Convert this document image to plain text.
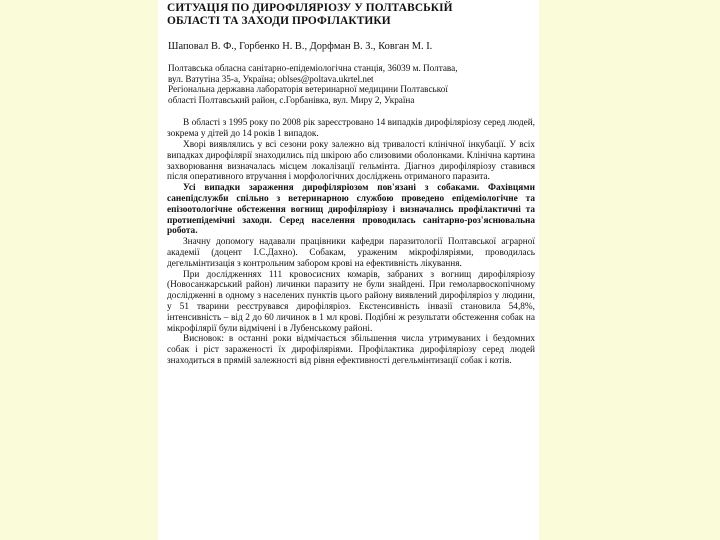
СИТУАЦІЯ ПО ДИРОФІЛЯРІОЗУ У ПОЛТАВСЬКІЙ
ОБЛАСТІ ТА ЗАХОДИ ПРОФІЛАКТИКИ
Шаповал В. Ф., Горбенко Н. В., Дорфман В. З., Ковган М. І.
Полтавська обласна санітарно-епідеміологічна станція, 36039 м. Полтава,
вул. Ватутіна 35-а, Україна; oblses@poltava.ukrtel.net
Регіональна державна лабораторія ветеринарної медицини Полтавської
області Полтавський район, с.Горбанівка, вул. Миру 2, Україна

В області з 1995 року по 2008 рік зареєстровано 14 випадків дирофіляріозу серед людей, зокрема у дітей до 14 років 1 випадок.

Хворі виявлялись у всі сезони року залежно від тривалості клінічної інкубації. У всіх випадках дирофілярії знаходились під шкірою або слизовими оболонками. Клінічна картина захворювання визначалась місцем локалізації гельмінта. Діагноз дирофіляріозу ставився після оперативного втручання і морфологічних досліджень отриманого паразита.

Усі випадки зараження дирофіляріозом пов'язані з собаками. Фахівцями санепідслужби спільно з ветеринарною службою проведено епідеміологічне та епізоотологічне обстеження вогнищ дирофіляріозу і визначались профілактичні та протиепідемічні заходи. Серед населення проводилась санітарно-роз'яснювальна робота.

Значну допомогу надавали працівники кафедри паразитології Полтавської аграрної академії (доцент І.С.Дахно). Собакам, ураженим мікрофіляріями, проводилась дегельмінтизація з контрольним забором крові на ефективність лікування.

При дослідженнях 111 кровосисних комарів, забраних з вогнищ дирофіляріозу (Новосанжарський район) личинки паразиту не були знайдені. При гемоларвоскопічному дослідженні в одному з населених пунктів цього району виявлений дирофіляріоз у людини, у 51 тварини реєструвався дирофіляріоз. Екстенсивність інвазії становила 54,8%, інтенсивність – від 2 до 60 личинок в 1 мл крові. Подібні ж результати обстеження собак на мікрофілярії були відмічені і в Лубенському районі.

Висновок: в останні роки відмічається збільшення числа утримуваних і бездомних собак і ріст зараженості їх дирофіляріями. Профілактика дирофіляріозу серед людей знаходиться в прямій залежності від рівня ефективності дегельмінтизації собак і котів.
